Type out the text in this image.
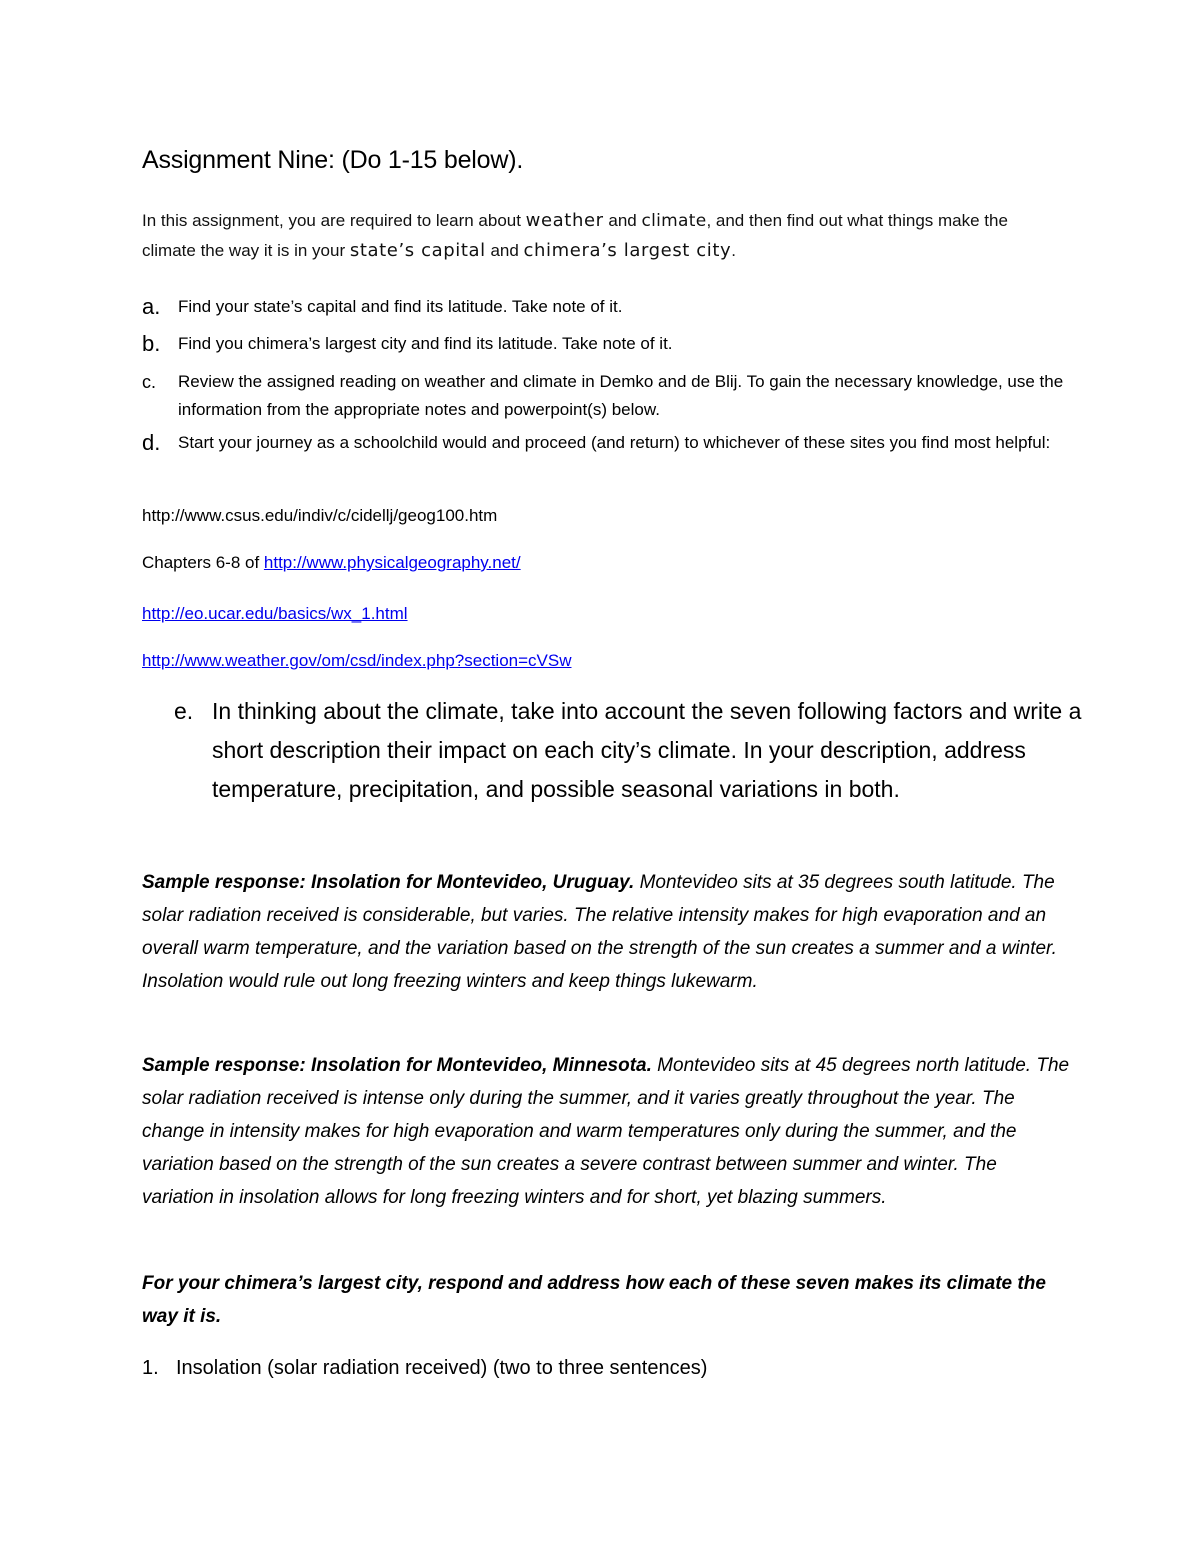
Assignment Nine: (Do 1-15 below).

In this assignment, you are required to learn about weather and climate, and then find out what things make the climate the way it is in your state’s capital and chimera’s largest city.

a. Find your state’s capital and find its latitude. Take note of it.
b. Find you chimera’s largest city and find its latitude. Take note of it.
c. Review the assigned reading on weather and climate in Demko and de Blij. To gain the necessary knowledge, use the information from the appropriate notes and powerpoint(s) below.
d. Start your journey as a schoolchild would and proceed (and return) to whichever of these sites you find most helpful:
http://www.csus.edu/indiv/c/cidellj/geog100.htm
Chapters 6-8 of http://www.physicalgeography.net/
http://eo.ucar.edu/basics/wx_1.html
http://www.weather.gov/om/csd/index.php?section=cVSw
e. In thinking about the climate, take into account the seven following factors and write a short description their impact on each city’s climate. In your description, address temperature, precipitation, and possible seasonal variations in both.

Sample response: Insolation for Montevideo, Uruguay. Montevideo sits at 35 degrees south latitude. The solar radiation received is considerable, but varies. The relative intensity makes for high evaporation and an overall warm temperature, and the variation based on the strength of the sun creates a summer and a winter. Insolation would rule out long freezing winters and keep things lukewarm.

Sample response: Insolation for Montevideo, Minnesota. Montevideo sits at 45 degrees north latitude. The solar radiation received is intense only during the summer, and it varies greatly throughout the year. The change in intensity makes for high evaporation and warm temperatures only during the summer, and the variation based on the strength of the sun creates a severe contrast between summer and winter. The variation in insolation allows for long freezing winters and for short, yet blazing summers.

For your chimera’s largest city, respond and address how each of these seven makes its climate the way it is.

1. Insolation (solar radiation received) (two to three sentences)
